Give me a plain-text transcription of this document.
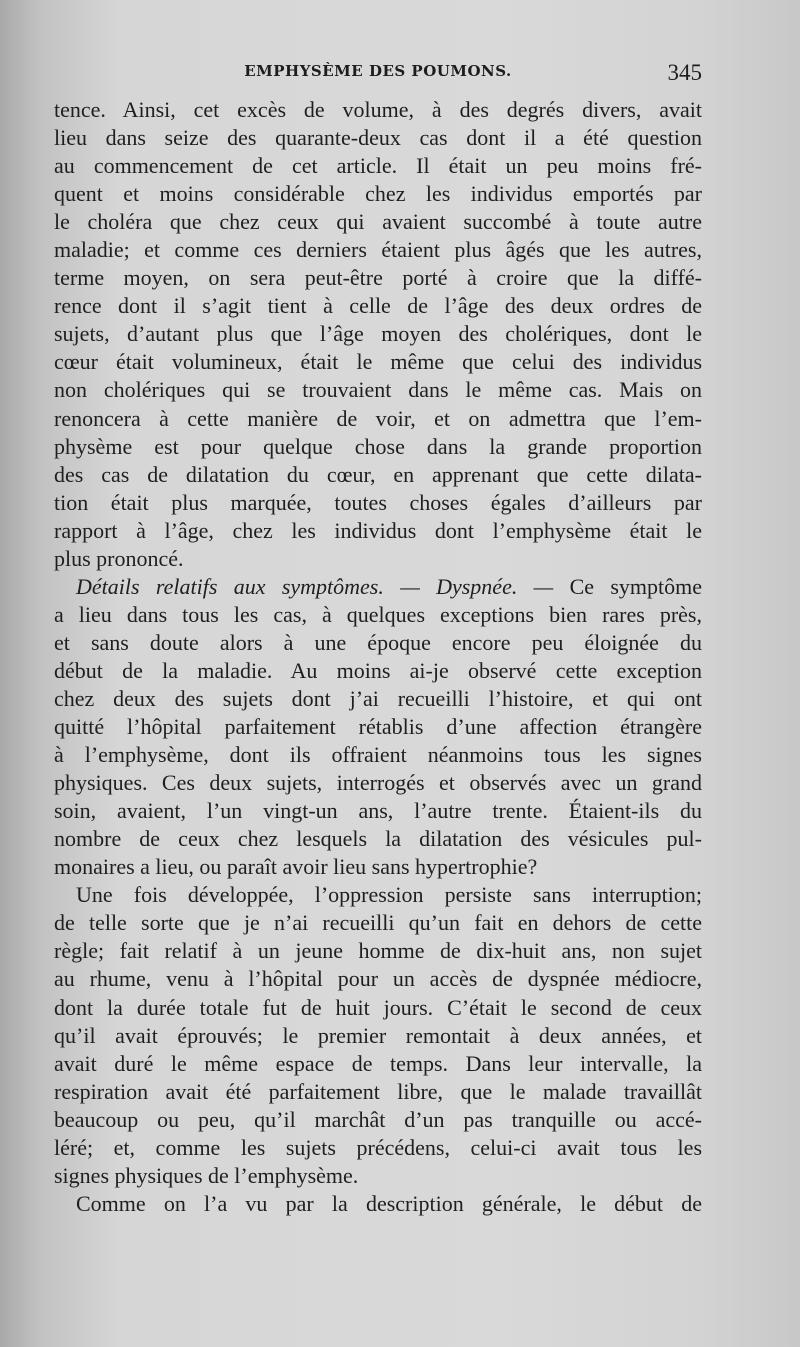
EMPHYSÈME DES POUMONS.	345
tence. Ainsi, cet excès de volume, à des degrés divers, avait
lieu dans seize des quarante-deux cas dont il a été question
au commencement de cet article. Il était un peu moins fré-
quent et moins considérable chez les individus emportés par
le choléra que chez ceux qui avaient succombé à toute autre
maladie; et comme ces derniers étaient plus âgés que les autres,
terme moyen, on sera peut-être porté à croire que la diffé-
rence dont il s’agit tient à celle de l’âge des deux ordres de
sujets, d’autant plus que l’âge moyen des cholériques, dont le
cœur était volumineux, était le même que celui des individus
non cholériques qui se trouvaient dans le même cas. Mais on
renoncera à cette manière de voir, et on admettra que l’em-
physème est pour quelque chose dans la grande proportion
des cas de dilatation du cœur, en apprenant que cette dilata-
tion était plus marquée, toutes choses égales d’ailleurs par
rapport à l’âge, chez les individus dont l’emphysème était le
plus prononcé.
Détails relatifs aux symptômes. — Dyspnée. — Ce symptôme
a lieu dans tous les cas, à quelques exceptions bien rares près,
et sans doute alors à une époque encore peu éloignée du
début de la maladie. Au moins ai-je observé cette exception
chez deux des sujets dont j’ai recueilli l’histoire, et qui ont
quitté l’hôpital parfaitement rétablis d’une affection étrangère
à l’emphysème, dont ils offraient néanmoins tous les signes
physiques. Ces deux sujets, interrogés et observés avec un grand
soin, avaient, l’un vingt-un ans, l’autre trente. Étaient-ils du
nombre de ceux chez lesquels la dilatation des vésicules pul-
monaires a lieu, ou paraît avoir lieu sans hypertrophie?
Une fois développée, l’oppression persiste sans interruption;
de telle sorte que je n’ai recueilli qu’un fait en dehors de cette
règle; fait relatif à un jeune homme de dix-huit ans, non sujet
au rhume, venu à l’hôpital pour un accès de dyspnée médiocre,
dont la durée totale fut de huit jours. C’était le second de ceux
qu’il avait éprouvés; le premier remontait à deux années, et
avait duré le même espace de temps. Dans leur intervalle, la
respiration avait été parfaitement libre, que le malade travaillât
beaucoup ou peu, qu’il marchât d’un pas tranquille ou accé-
léré; et, comme les sujets précédens, celui-ci avait tous les
signes physiques de l’emphysème.
Comme on l’a vu par la description générale, le début de
